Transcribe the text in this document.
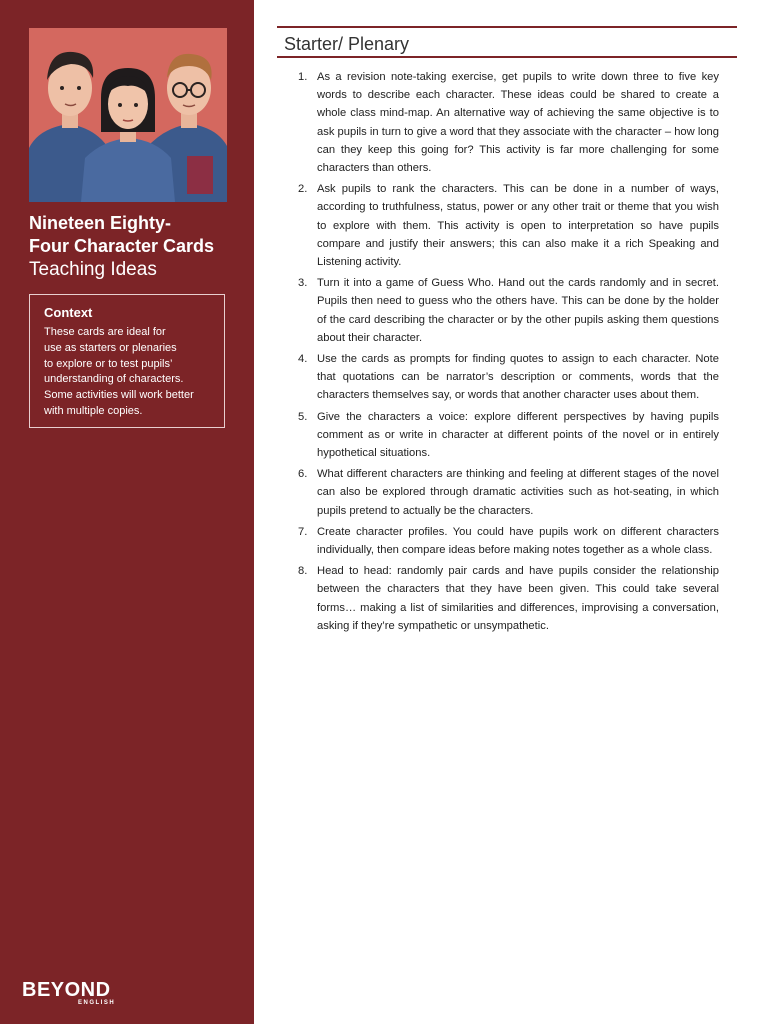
Nineteen Eighty-
Four Character Cards
Teaching Ideas
Context
These cards are ideal for
use as starters or plenaries
to explore or to test pupils’
understanding of characters.
Some activities will work better
with multiple copies.
BEYOND
ENGLISH
Starter/ Plenary
1. As a revision note-taking exercise, get pupils to write down three to five key words to describe each character. These ideas could be shared to create a whole class mind-map. An alternative way of achieving the same objective is to ask pupils in turn to give a word that they associate with the character – how long can they keep this going for? This activity is far more challenging for some characters than others.
2. Ask pupils to rank the characters. This can be done in a number of ways, according to truthfulness, status, power or any other trait or theme that you wish to explore with them. This activity is open to interpretation so have pupils compare and justify their answers; this can also make it a rich Speaking and Listening activity.
3. Turn it into a game of Guess Who. Hand out the cards randomly and in secret. Pupils then need to guess who the others have. This can be done by the holder of the card describing the character or by the other pupils asking them questions about their character.
4. Use the cards as prompts for finding quotes to assign to each character. Note that quotations can be narrator’s description or comments, words that the characters themselves say, or words that another character uses about them.
5. Give the characters a voice: explore different perspectives by having pupils comment as or write in character at different points of the novel or in entirely hypothetical situations.
6. What different characters are thinking and feeling at different stages of the novel can also be explored through dramatic activities such as hot-seating, in which pupils pretend to actually be the characters.
7. Create character profiles. You could have pupils work on different characters individually, then compare ideas before making notes together as a whole class.
8. Head to head: randomly pair cards and have pupils consider the relationship between the characters that they have been given. This could take several forms… making a list of similarities and differences, improvising a conversation, asking if they’re sympathetic or unsympathetic.
